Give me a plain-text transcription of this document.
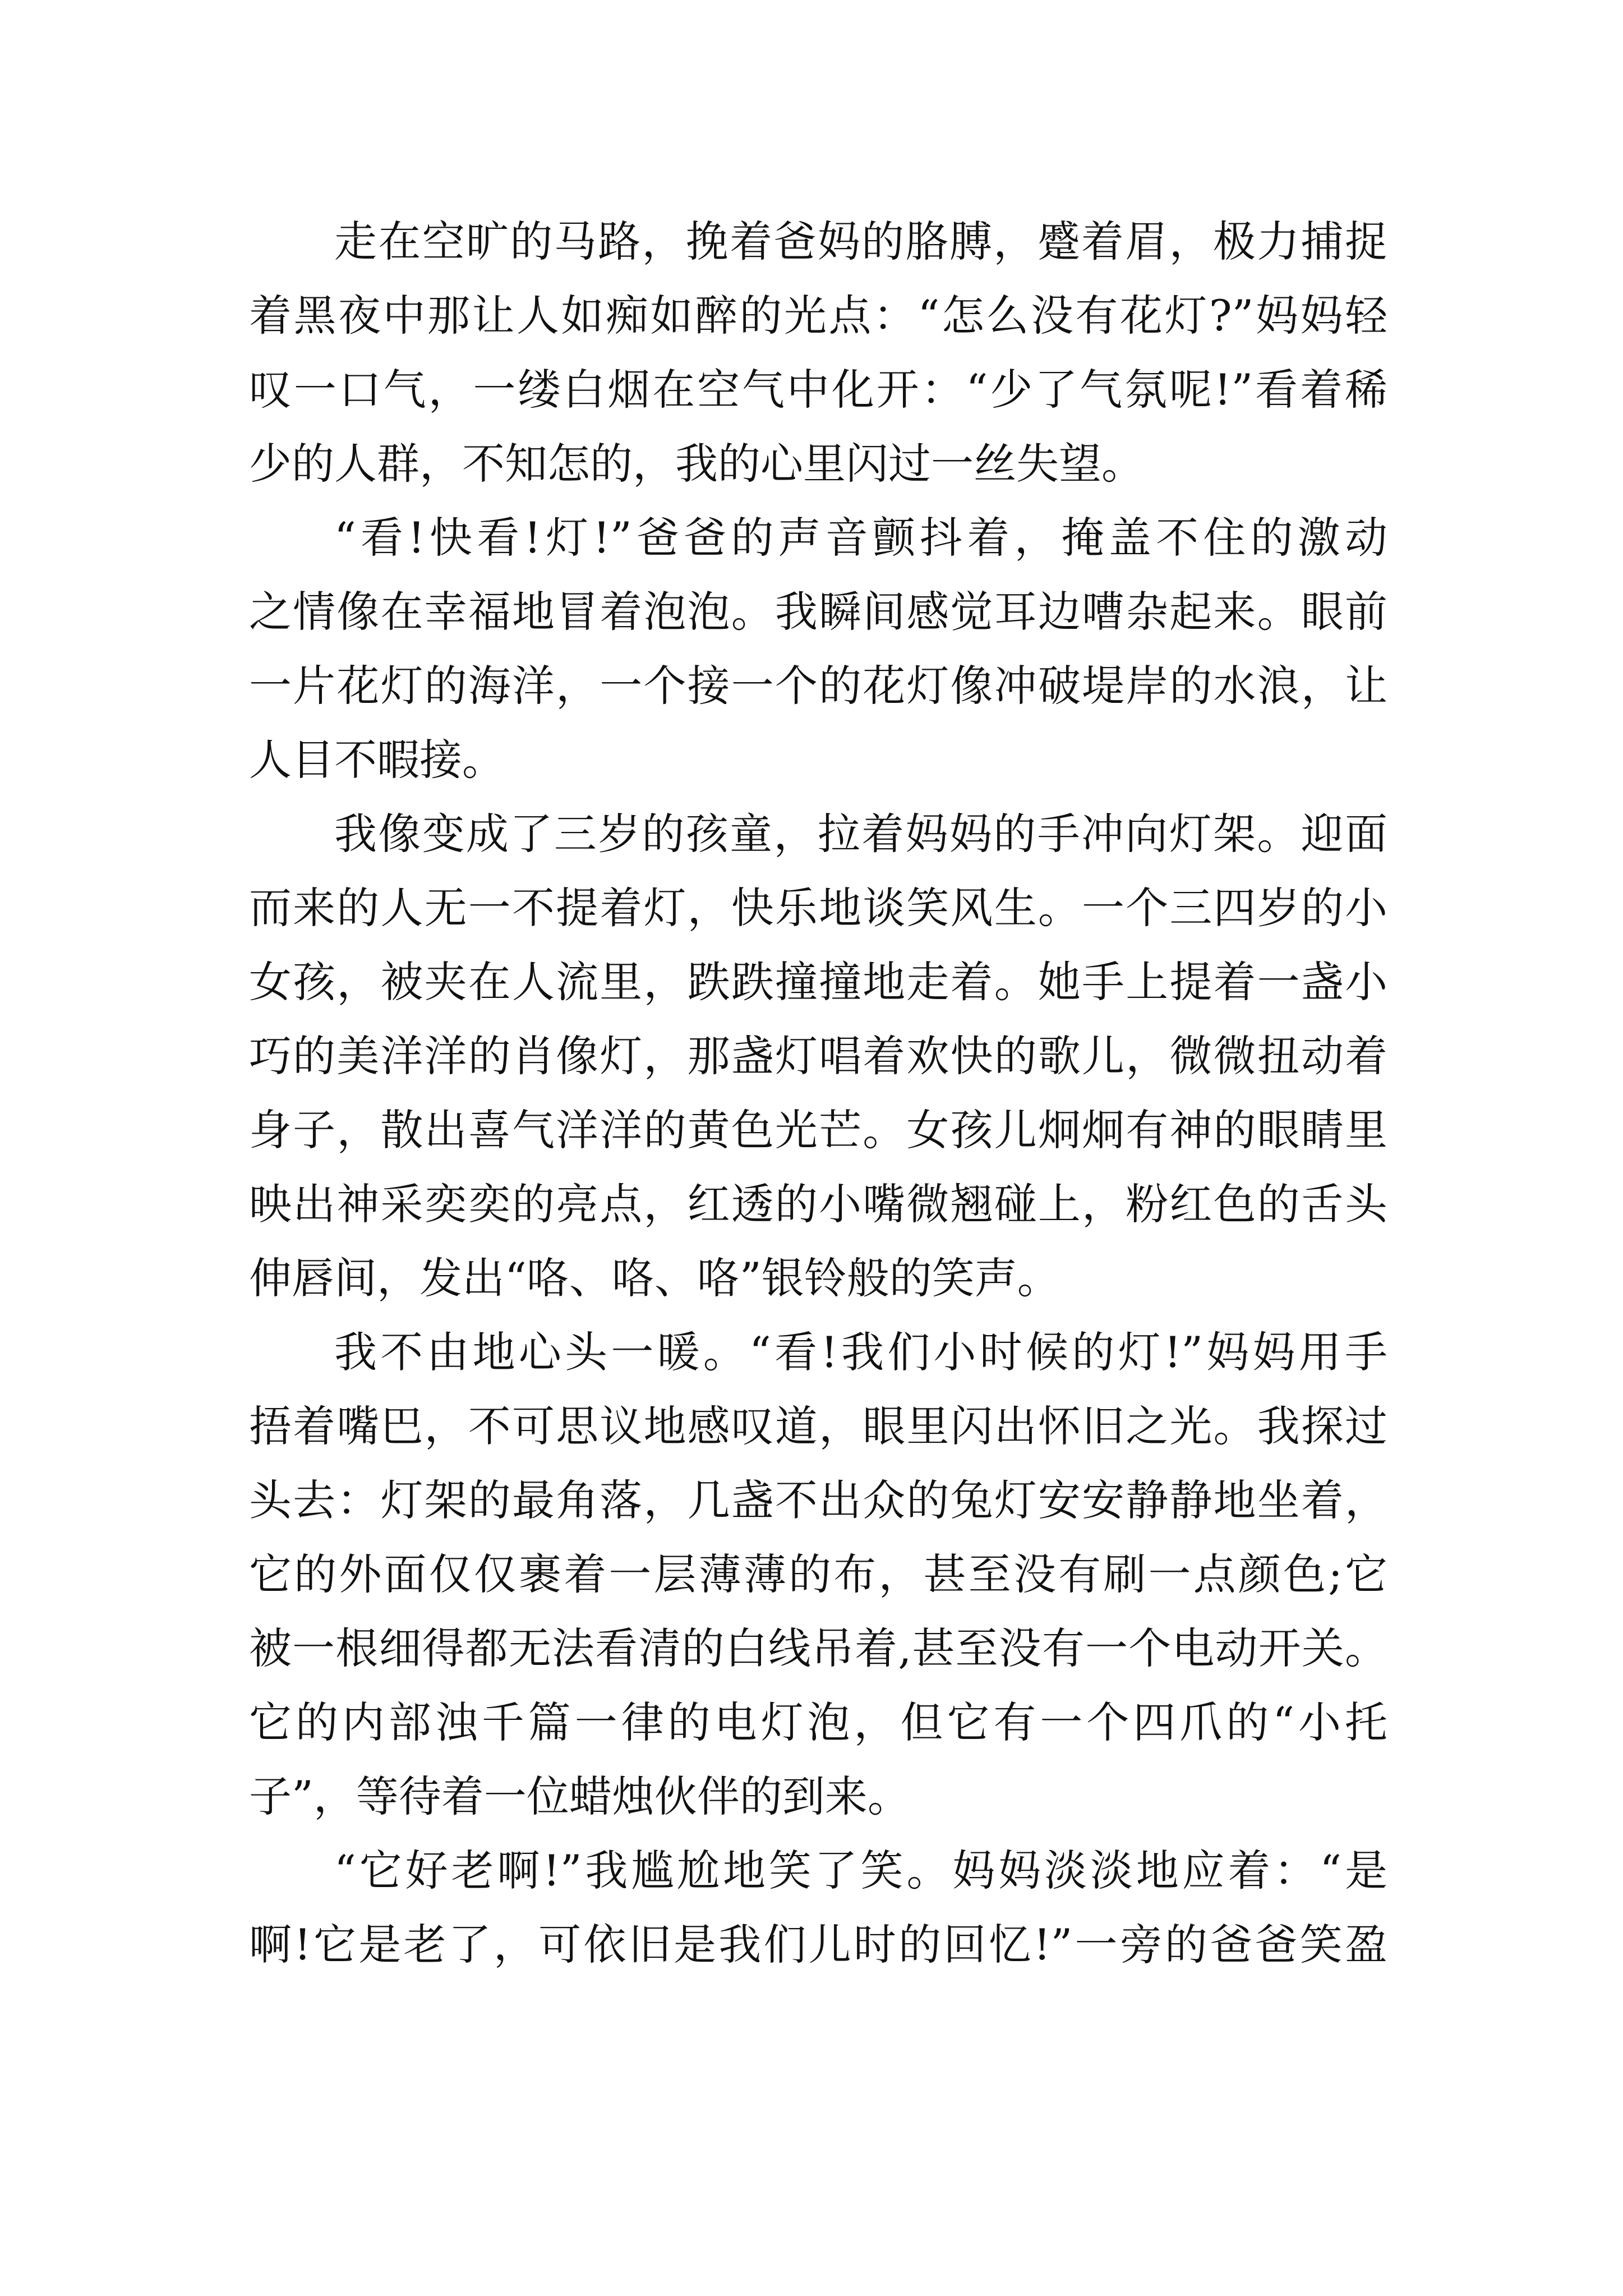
走在空旷的马路，挽着爸妈的胳膊，蹙着眉，极力捕捉
着黑夜中那让人如痴如醉的光点：“怎么没有花灯?”妈妈轻
叹一口气，一缕白烟在空气中化开：“少了气氛呢!”看着稀
少的人群，不知怎的，我的心里闪过一丝失望。
“看!快看!灯!”爸爸的声音颤抖着，掩盖不住的激动
之情像在幸福地冒着泡泡。我瞬间感觉耳边嘈杂起来。眼前
一片花灯的海洋，一个接一个的花灯像冲破堤岸的水浪，让
人目不暇接。
我像变成了三岁的孩童，拉着妈妈的手冲向灯架。迎面
而来的人无一不提着灯，快乐地谈笑风生。一个三四岁的小
女孩，被夹在人流里，跌跌撞撞地走着。她手上提着一盏小
巧的美洋洋的肖像灯，那盏灯唱着欢快的歌儿，微微扭动着
身子，散出喜气洋洋的黄色光芒。女孩儿炯炯有神的眼睛里
映出神采奕奕的亮点，红透的小嘴微翘碰上，粉红色的舌头
伸唇间，发出“咯、咯、咯”银铃般的笑声。
我不由地心头一暖。“看!我们小时候的灯!”妈妈用手
捂着嘴巴，不可思议地感叹道，眼里闪出怀旧之光。我探过
头去：灯架的最角落，几盏不出众的兔灯安安静静地坐着，
它的外面仅仅裹着一层薄薄的布，甚至没有刷一点颜色;它
被一根细得都无法看清的白线吊着,甚至没有一个电动开关。
它的内部浊千篇一律的电灯泡，但它有一个四爪的“小托
子”，等待着一位蜡烛伙伴的到来。
“它好老啊!”我尴尬地笑了笑。妈妈淡淡地应着：“是
啊!它是老了，可依旧是我们儿时的回忆!”一旁的爸爸笑盈
